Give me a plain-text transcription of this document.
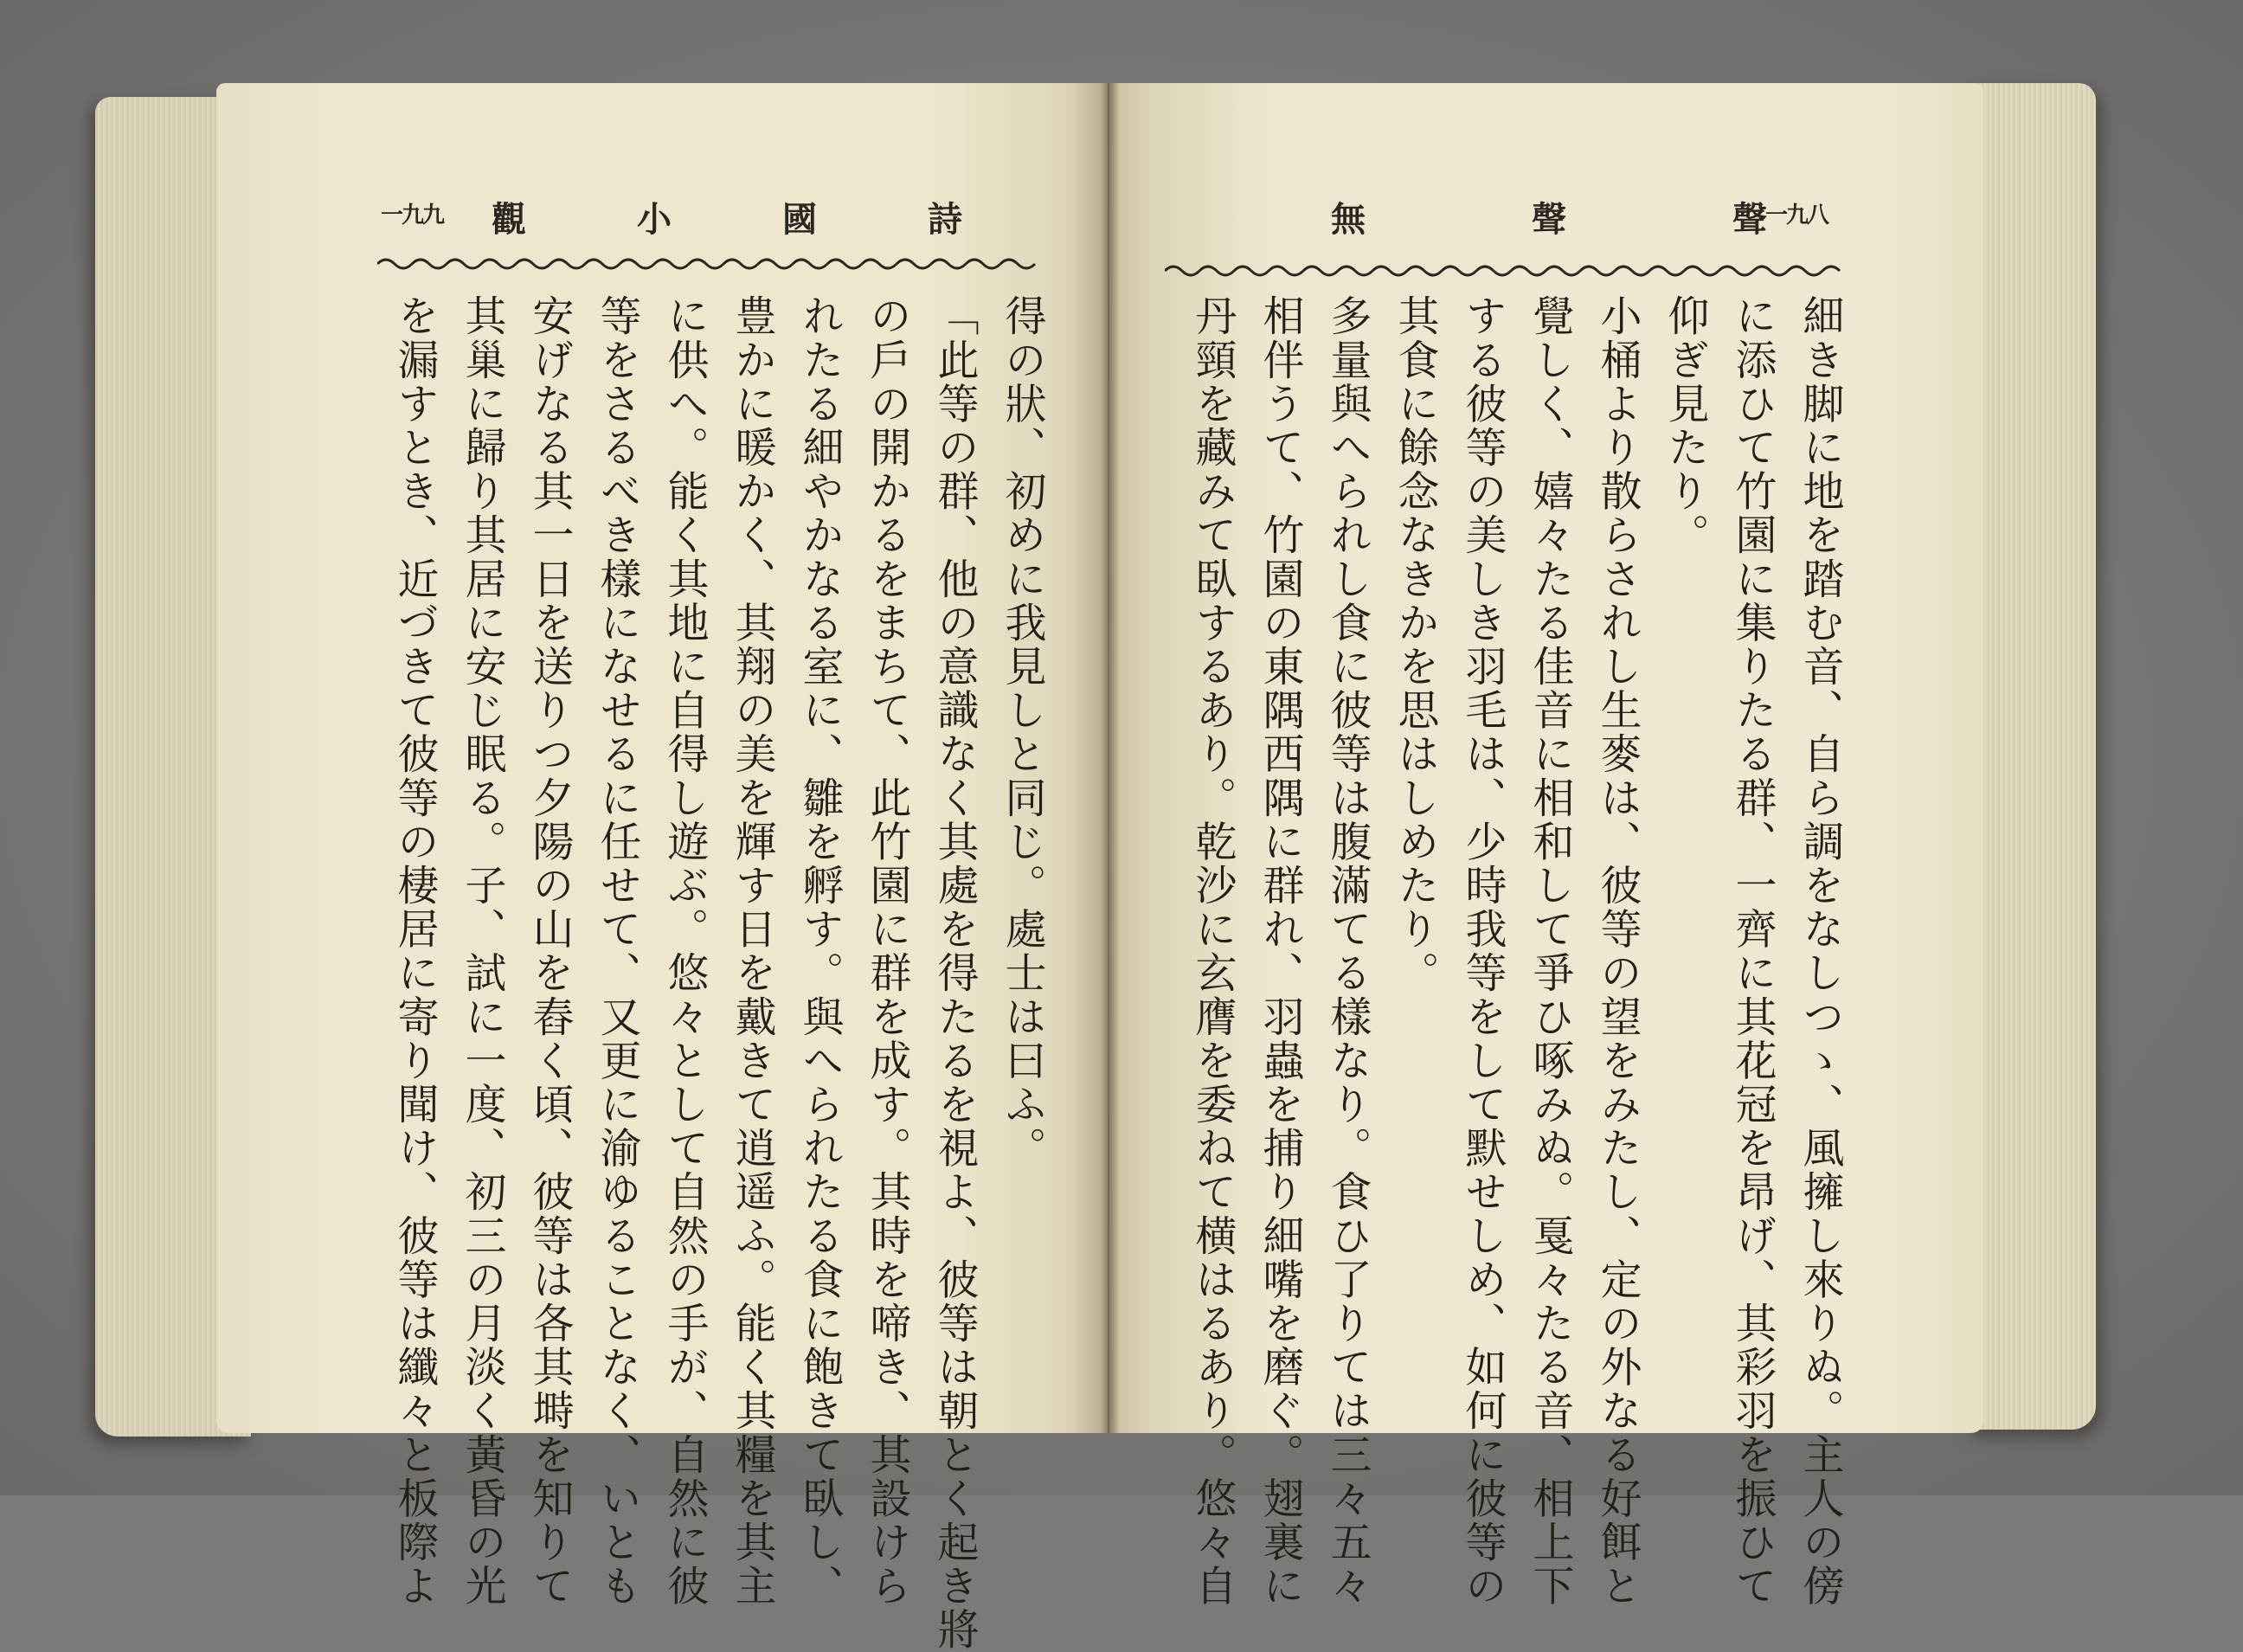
一九九 觀	小	國	詩	無	聲	聲
一九八
得の狀、初めに我見しと同じ。處士は曰ふ。
「此等の群、他の意識なく其處を得たるを視よ、彼等は朝とく起き將
の戶の開かるをまちて、此竹園に群を成す。其時を啼き、其設けら
れたる細やかなる室に、雛を孵す。與へられたる食に飽きて臥し、
豊かに暖かく、其翔の美を輝す日を戴きて逍遥ふ。能く其糧を其主
に供へ。能く其地に自得し遊ぶ。悠々として自然の手が、自然に彼
等をさるべき樣になせるに任せて、又更に渝ゆることなく、いとも
安げなる其一日を送りつ夕陽の山を舂く頃、彼等は各其塒を知りて
其巢に歸り其居に安じ眠る。子、試に一度、初三の月淡く黃昏の光
を漏すとき、近づきて彼等の棲居に寄り聞け、彼等は纖々と板際よ	細き脚に地を踏む音、自ら調をなしつゝ、風擁し來りぬ。主人の傍
に添ひて竹園に集りたる群、一齊に其花冠を昂げ、其彩羽を振ひて
仰ぎ見たり。
小桶より散らされし生麥は、彼等の望をみたし、定の外なる好餌と
覺しく、嬉々たる佳音に相和して爭ひ啄みぬ。戛々たる音、相上下
する彼等の美しき羽毛は、少時我等をして默せしめ、如何に彼等の
其食に餘念なきかを思はしめたり。
多量與へられし食に彼等は腹滿てる樣なり。食ひ了りては三々五々
相伴うて、竹園の東隅西隅に群れ、羽蟲を捕り細嘴を磨ぐ。翅裏に
丹頸を藏みて臥するあり。乾沙に玄膺を委ねて横はるあり。悠々自
